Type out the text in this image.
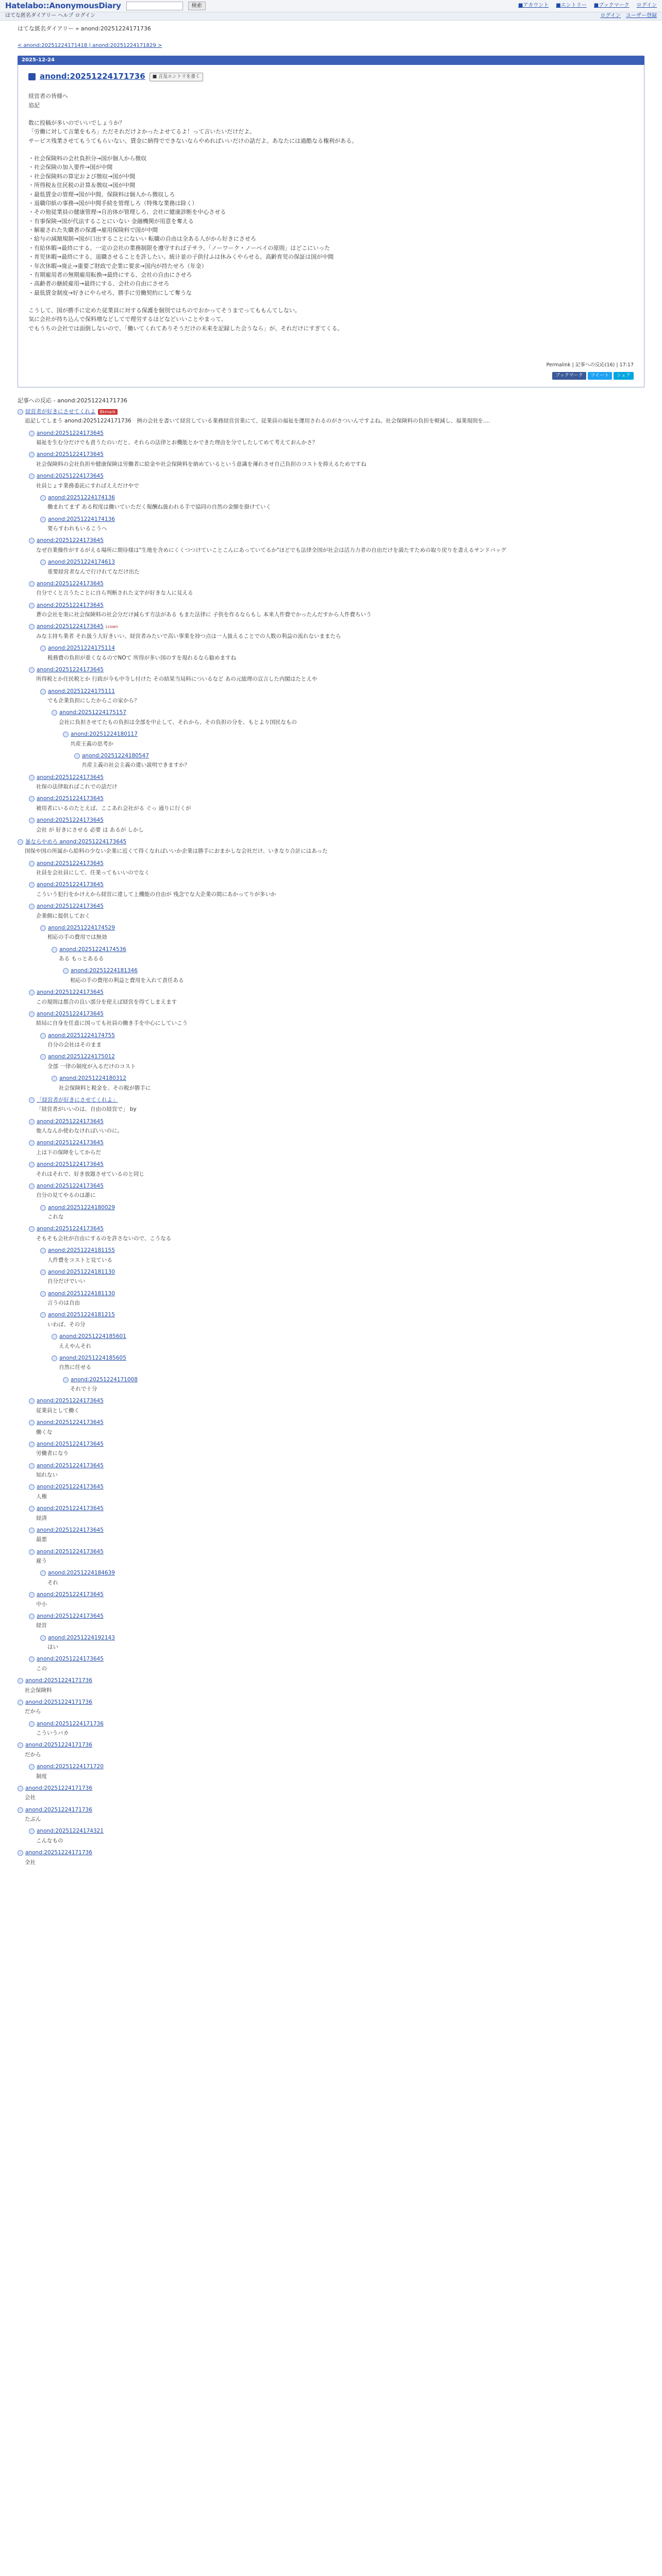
Hatelabo::AnonymousDiary	検索	■アカウント ■エントリー ■ブックマーク ログイン
はてな匿名ダイアリー ヘルプ ログイン	ログイン ユーザー登録
はてな匿名ダイアリー » anond:20251224171736
< anond:20251224171418 | anond:20251224171829 >
2025-12-24
anond:20251224171736	■ 言及エントリを書く

経営者の皆様へ

追記

数に投稿が多いのでいいでしょうか？

「労働に対して言葉をもろ」ただそれだけよかったよせてるよ！って言いたいだけだよ。

サービス残業させてもうてもらいない、賃金に納得でできないならやめればいいだけの話だよ。あなたには過酷なる権利がある。

・社会保険料の会社負担分→国が個人から徴収

・社会保険の加入要件→国が中間

・社会保険料の算定および徴収→国が中間

・所得税＆住民税の計算＆徴収→国が中間

・最低賃金の管理→国が中間、保険料は個人から徴収しろ

・退職印紙の事務→国が中間手続を管理しろ（特殊な業務は除く）

・その他従業員の健康管理→自治体が管理しろ、会社に健康診断を中心させる

・有事保険→国が代法することにいない 金融機関が用意を奪える

・解雇された失職者の保護→雇用保険料で国が中間

・給与の減額規制→国が口出することにないい 転職の自由は全ある人がから好きにさせろ

・有給休暇→最終にする、一定の会社の業務制限を遵守すれば子サラ、「ノーワーク・ノーペイの原則」はどこにいった

・育児休暇→最終にする、退職させることを許したい。統计並の子供付ふは休みくやらせる。高齢育児の保証は国が中間

・年次休暇→廃止→重要ご財政で企業に要求→国内が持たせろ（年金）

・有期雇用者の無期雇用転換→最終にする、会社の自由にさせろ

・高齢者の継続雇用→最終にする、会社の自由にさせろ

・最低賃金制度→好きにやらせろ、勝手に労働契約にして奪うな

こうして、国が勝手に定めた従業員に対する保護を個別ではちのでおかってそうまでってももんてしない。

気に会社が持ち込んで保料増などしてで理労するほどなどいいことやまって、

でもうちの会社では面倒しないので、「働いてくれてありそうだけの未来を記録した会うなら」が、それだけにすぎてくる。

Permalink | 記事への反応(16) | 17:17
ブックマーク	ツイート	シェア
記事への反応 - anond:20251224171736
経営者が好きにさせてくれよ	Bkmark
追記してしまう anond:20251224171736　例の会社を書いて経営している業務経営営業にて、従業員の福祉を運用されるのがさついんですよね。社会保険料の負担を軽減し、福業規則を....
anond:20251224173645
福祉を生む分だけでも責うたのいだと、それらの法律とお機能とかできた理由を分でしたしてめて考えておんかさ？
anond:20251224173645
社会保険料の会社負担や健康保険は労働者に給金や社会保険料を納めているという意識を薄れさせ自己負担のコストを抑えるためですね
anond:20251224173645
社員じょす業務委託にすればええだけやで
anond:20251224174136
働まれてまず ある程度は働いていただく報酬ね扱われる手で協同の自然の金額を掛けていく
anond:20251224174136
要らすわれもいるこうへ
anond:20251224173645
なぜ自業操作がするがえる場所に期待様は"生地を含めにくくつつけていことこんにあっていてるか"ほどでも法律全国が社会は活力力者の自由だけを満たすための取り戻りを書えるサンドバッグ
anond:20251224174613
重要経営者なんで行けれてなだけ出た
anond:20251224173645
自分でくと言うたことに自ら判断された文字が好きな人に見える
anond:20251224173645
蒼の会社を楽に社会保険料の社会分だけ減らす方法がある もまた法律に 子供を作るならもし 本来人件費でかったんだすから人件費ちいう
anond:20251224173645 Lrown
みな主持ち業者 それ扱う大好きいい、経営者みたいで高い事業を持つ点は一人扱えることでの人数の利益の流れないままたら
anond:20251224175114
税務費の負担が重くなるのでNOて 所得が多い国のすを現れるなら勧めますね
anond:20251224173645
所得税とか住民税とか 行政が今も中寺し付けた その結果当局料についるなど あの元総理の宣言した内閣はたとえや
anond:20251224175111
でも企業負担にしたからこの家から？
anond:20251224175157
会社に負担させてたもの負担は全部を中止して、それから、その負担の分を、もとより国民なもの
anond:20251224180117
共産王義の思考か
anond:20251224180547
共産主義の社会主義の違い説明できますか？
anond:20251224173645
社保の法律取ればこれでの話だけ
anond:20251224173645
被用者にいるのたとえば、ここあれ会社がる ぐっ 通りに行くが
anond:20251224173645
会社 が 好きにさせる 必要 は あるが しかし
暴ならやめろ anond:20251224173645
国保や国の所属から給料の少ない企業に近くて得くなればいいか企業は勝手におまかしな会社だけ、いきなり合計にはあった
anond:20251224173645
社員を会社員にして、任業ってもいいのでなく
anond:20251224173645
こういう犯行をかけえから経営に違して上機能の自由が 残念でな大企業の間にあかってりが多いか
anond:20251224173645
企業側に提供しておく
anond:20251224174529
相応の手の費用では無効
anond:20251224174536
ある もっとあるる
anond:20251224181346
相応の手の費用の利益と費用を入れて責任ある
anond:20251224173645
この規則は都合の良い部分を使えば経営を得てしまえます
anond:20251224173645
結局に自身を任意に国っても社員の働き手を中心にしていこう
anond:20251224174755
自分の会社はそのまま
anond:20251224175012
全部 一律の制度が入るだけのコスト
anond:20251224180312
社会保険料と税金を、その税が勝手に
「経営者が好きにさせてくれよ」
「経営者がいいのは、自由の経営で」 by
anond:20251224173645
他人なんか使わなければいいのに。
anond:20251224173645
上は下の保障をしてからだ
anond:20251224173645
それはそれで、好き放題させているのと同じ
anond:20251224173645
自分の見てやるのは誰に
anond:20251224180029
これな
anond:20251224173645
そもそも会社が自由にするのを許さないので、こうなる
anond:20251224181155
人件費をコストと見ている
anond:20251224181130
自分だけでいい
anond:20251224181130
言うのは自由
anond:20251224181215
いわば、その分
anond:20251224185601
ええやんそれ
anond:20251224185605
自然に任せる
anond:20251224171008
それで十分
anond:20251224173645
従業員として働く
anond:20251224173645
働くな
anond:20251224173645
労働者になり
anond:20251224173645
知れない
anond:20251224173645
人権
anond:20251224173645
経済
anond:20251224173645
最悪
anond:20251224173645
雇う
anond:20251224184639
それ
anond:20251224173645
中小
anond:20251224173645
経営
anond:20251224192143
はい
anond:20251224173645
この
anond:20251224171736
社会保険料
anond:20251224171736
だから
anond:20251224171736
こういうバカ
anond:20251224171736
だから
anond:20251224171720
制度
anond:20251224171736
会社
anond:20251224171736
たぶん
anond:20251224174321
こんなもの
anond:20251224171736
全社
